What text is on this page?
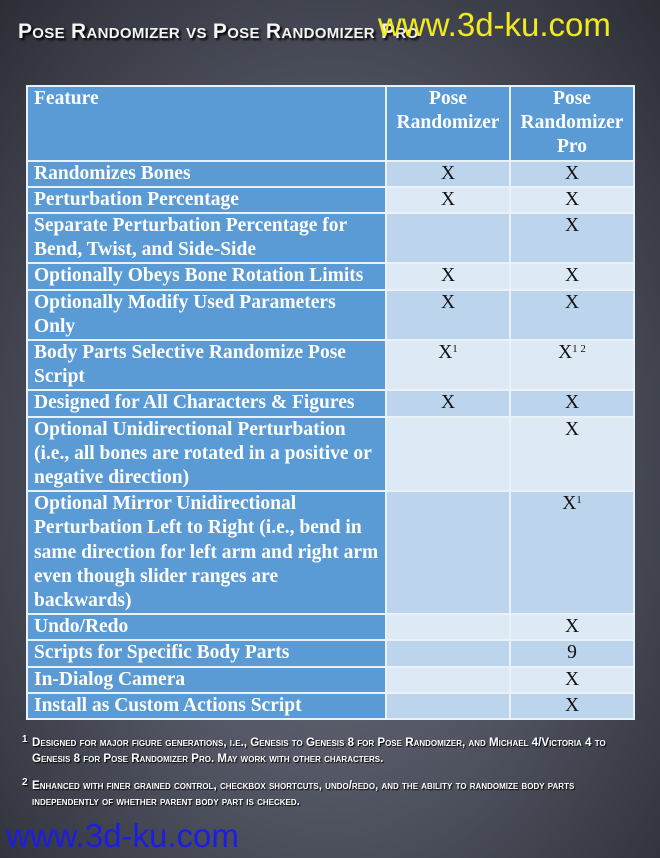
Pose Randomizer vs Pose Randomizer Pro
www.3d-ku.com
Feature	Pose Randomizer	Pose Randomizer Pro
Randomizes Bones	X	X
Perturbation Percentage	X	X
Separate Perturbation Percentage for Bend, Twist, and Side-Side		X
Optionally Obeys Bone Rotation Limits	X	X
Optionally Modify Used Parameters Only	X	X
Body Parts Selective Randomize Pose Script	$X^1$	$X^{1 2}$
Designed for All Characters & Figures	X	X
Optional Unidirectional Perturbation (i.e., all bones are rotated in a positive or negative direction)		X
Optional Mirror Unidirectional Perturbation Left to Right (i.e., bend in same direction for left arm and right arm even though slider ranges are backwards)		$X^1$
Undo/Redo		X
Scripts for Specific Body Parts		9
In-Dialog Camera		X
Install as Custom Actions Script		X
1 Designed for major figure generations, i.e., Genesis to Genesis 8 for Pose Randomizer, and Michael 4/Victoria 4 to Genesis 8 for Pose Randomizer Pro. May work with other characters.
2 Enhanced with finer grained control, checkbox shortcuts, undo/redo, and the ability to randomize body parts independently of whether parent body part is checked.
www.3d-ku.com
